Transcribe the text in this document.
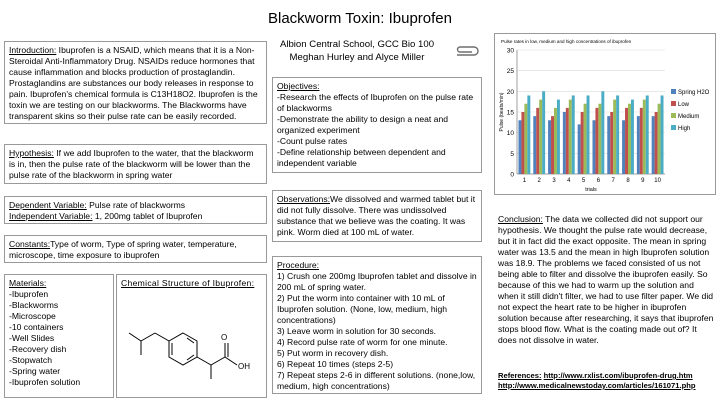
Blackworm Toxin: Ibuprofen
Introduction: Ibuprofen is a NSAID, which means that it is a Non-Steroidal Anti-Inflammatory Drug. NSAIDs reduce hormones that cause inflammation and blocks production of prostaglandin. Prostaglandins are substances our body releases in response to pain. Ibuprofen's chemical formula is C13H18O2. Ibuprofen is the toxin we are testing on our blackworms. The Blackworms have transparent skins so their pulse rate can be easily recorded.
Hypothesis: If we add Ibuprofen to the water, that the blackworm is in, then the pulse rate of the blackworm will be lower than the pulse rate of the blackworm in spring water
Dependent Variable: Pulse rate of blackworms
Independent Variable: 1, 200mg tablet of Ibuprofen
Constants:Type of worm, Type of spring water, temperature, microscope, time exposure to ibuprofen
Materials:
-Ibuprofen
-Blackworms
-Microscope
-10 containers
-Well Slides
-Recovery dish
-Stopwatch
-Spring water
-Ibuprofen solution
Chemical Structure of Ibuprofen:
O
OH
Albion Central School, GCC Bio 100
Meghan Hurley and Alyce Miller
Objectives:
-Research the effects of Ibuprofen on the pulse rate of blackworms
-Demonstrate the ability to design a neat and organized experiment
-Count pulse rates
-Define relationship between dependent and independent variable
Observations:We dissolved and warmed tablet but it did not fully dissolve. There was undissolved substance that we believe was the coating. It was pink. Worm died at 100 mL of water.
Procedure:
1) Crush one 200mg Ibuprofen tablet and dissolve in 200 mL of spring water.
2) Put the worm into container with 10 mL of Ibuprofen solution. (None, low, medium, high concentrations)
3) Leave worm in solution for 30 seconds.
4) Record pulse rate of worm for one minute.
5) Put worm in recovery dish.
6) Repeat 10 times (steps 2-5)
7) Repeat steps 2-6 in different solutions. (none,low, medium, high concentrations)
Pulse rates in low, medium and high concentrations of ibuprofen
0
5
10
15
20
25
30
1 2 3 4 5 6 7 8 9 10
trials
Pulse (beats/min)	Spring H2O
Low
Medium
High
Conclusion: The data we collected did not support our hypothesis. We thought the pulse rate would decrease, but it in fact did the exact opposite. The mean in spring water was 13.5 and the mean in high Ibuprofen solution was 18.9. The problems we faced consisted of us not being able to filter and dissolve the ibuprofen easily. So because of this we had to warm up the solution and when it still didn't filter, we had to use filter paper. We did not expect the heart rate to be higher in ibuprofen solution because after researching, it says that ibuprofen stops blood flow. What is the coating made out of? It does not dissolve in water.
References: http://www.rxlist.com/ibuprofen-drug.htm
http://www.medicalnewstoday.com/articles/161071.php
